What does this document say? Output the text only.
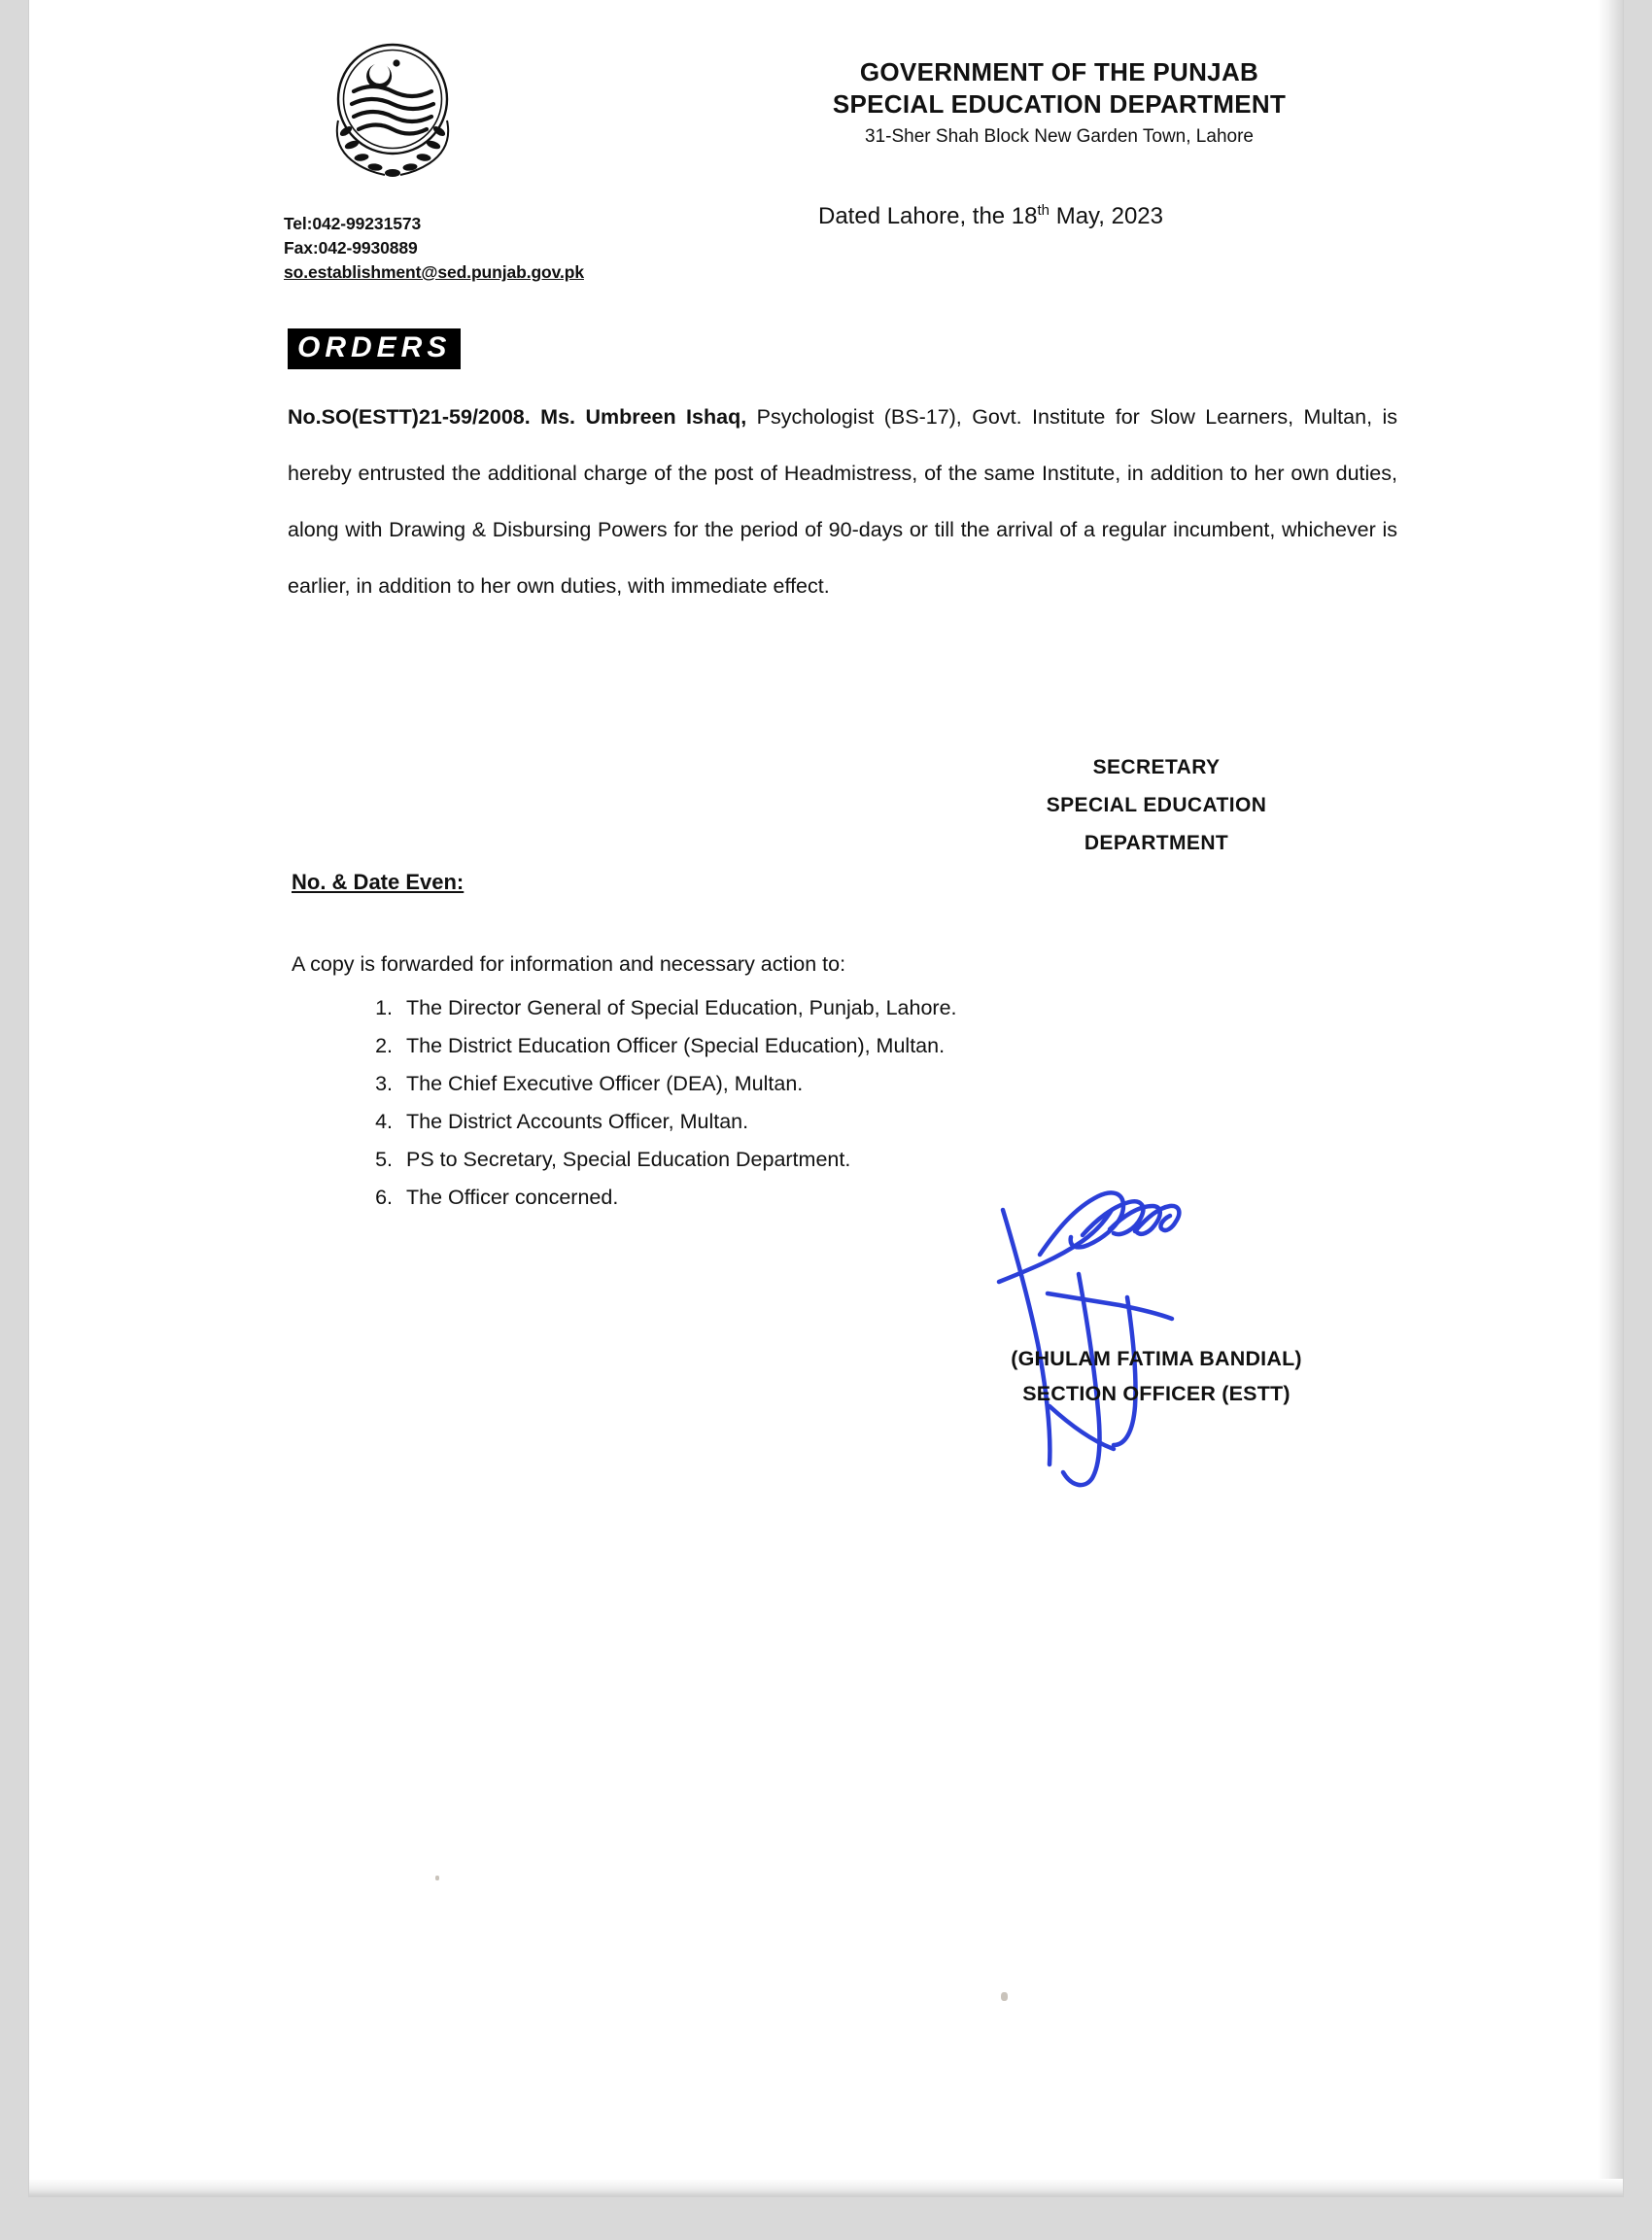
GOVERNMENT OF THE PUNJAB
SPECIAL EDUCATION DEPARTMENT
31-Sher Shah Block New Garden Town, Lahore
Tel:042-99231573
Fax:042-9930889
so.establishment@sed.punjab.gov.pk
Dated Lahore, the 18th May, 2023
ORDERS
No.SO(ESTT)21-59/2008. Ms. Umbreen Ishaq, Psychologist (BS-17), Govt. Institute for Slow Learners, Multan, is hereby entrusted the additional charge of the post of Headmistress, of the same Institute, in addition to her own duties, along with Drawing & Disbursing Powers for the period of 90-days or till the arrival of a regular incumbent, whichever is earlier, in addition to her own duties, with immediate effect.
SECRETARY
SPECIAL EDUCATION
DEPARTMENT
No. & Date Even:
A copy is forwarded for information and necessary action to:
1. The Director General of Special Education, Punjab, Lahore.
2. The District Education Officer (Special Education), Multan.
3. The Chief Executive Officer (DEA), Multan.
4. The District Accounts Officer, Multan.
5. PS to Secretary, Special Education Department.
6. The Officer concerned.
(GHULAM FATIMA BANDIAL)
SECTION OFFICER (ESTT)
